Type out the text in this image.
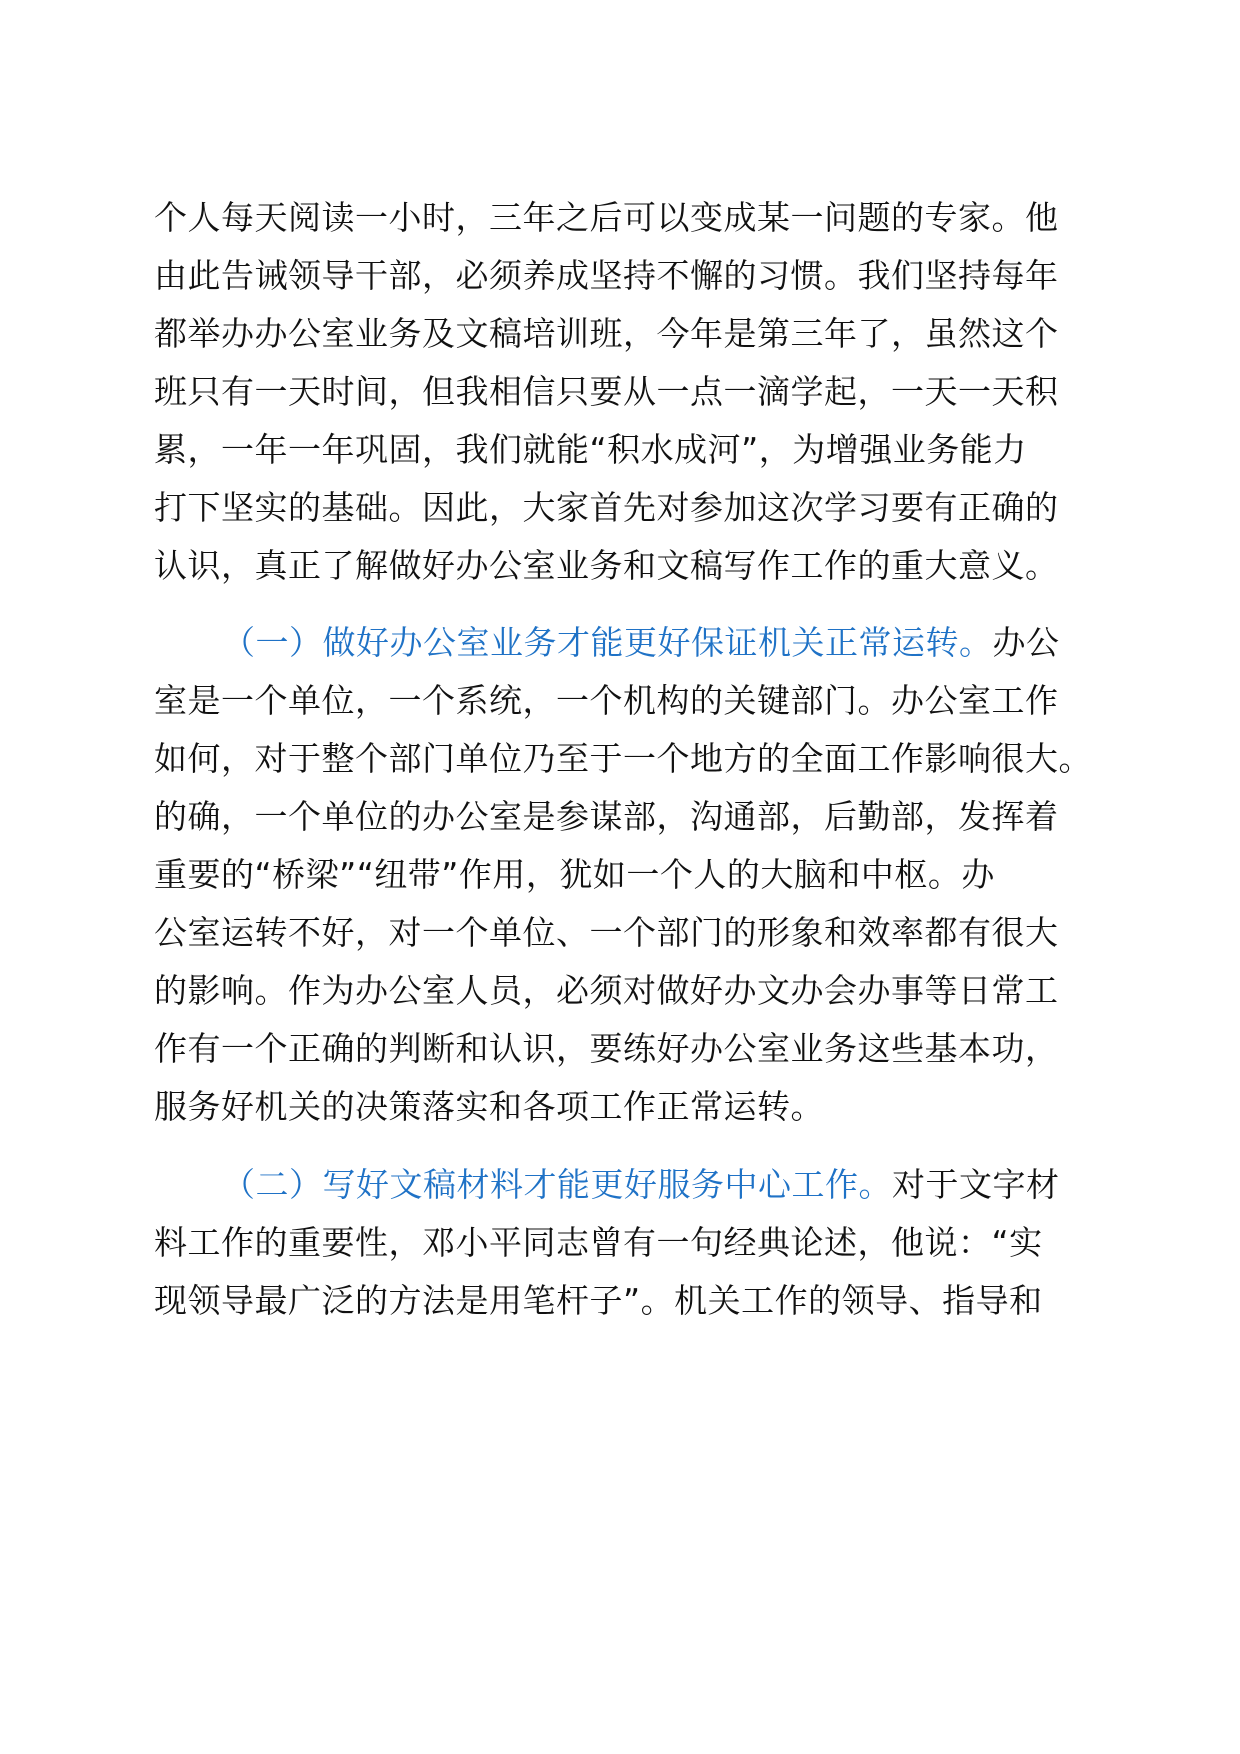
个人每天阅读一小时，三年之后可以变成某一问题的专家。他
由此告诫领导干部，必须养成坚持不懈的习惯。我们坚持每年
都举办办公室业务及文稿培训班，今年是第三年了，虽然这个
班只有一天时间，但我相信只要从一点一滴学起，一天一天积
累，一年一年巩固，我们就能“积水成河”，为增强业务能力
打下坚实的基础。因此，大家首先对参加这次学习要有正确的
认识，真正了解做好办公室业务和文稿写作工作的重大意义。
（一）做好办公室业务才能更好保证机关正常运转。办公
室是一个单位，一个系统，一个机构的关键部门。办公室工作
如何，对于整个部门单位乃至于一个地方的全面工作影响很大。
的确，一个单位的办公室是参谋部，沟通部，后勤部，发挥着
重要的“桥梁”“纽带”作用，犹如一个人的大脑和中枢。办
公室运转不好，对一个单位、一个部门的形象和效率都有很大
的影响。作为办公室人员，必须对做好办文办会办事等日常工
作有一个正确的判断和认识，要练好办公室业务这些基本功，
服务好机关的决策落实和各项工作正常运转。
（二）写好文稿材料才能更好服务中心工作。对于文字材
料工作的重要性，邓小平同志曾有一句经典论述，他说：“实
现领导最广泛的方法是用笔杆子”。机关工作的领导、指导和
